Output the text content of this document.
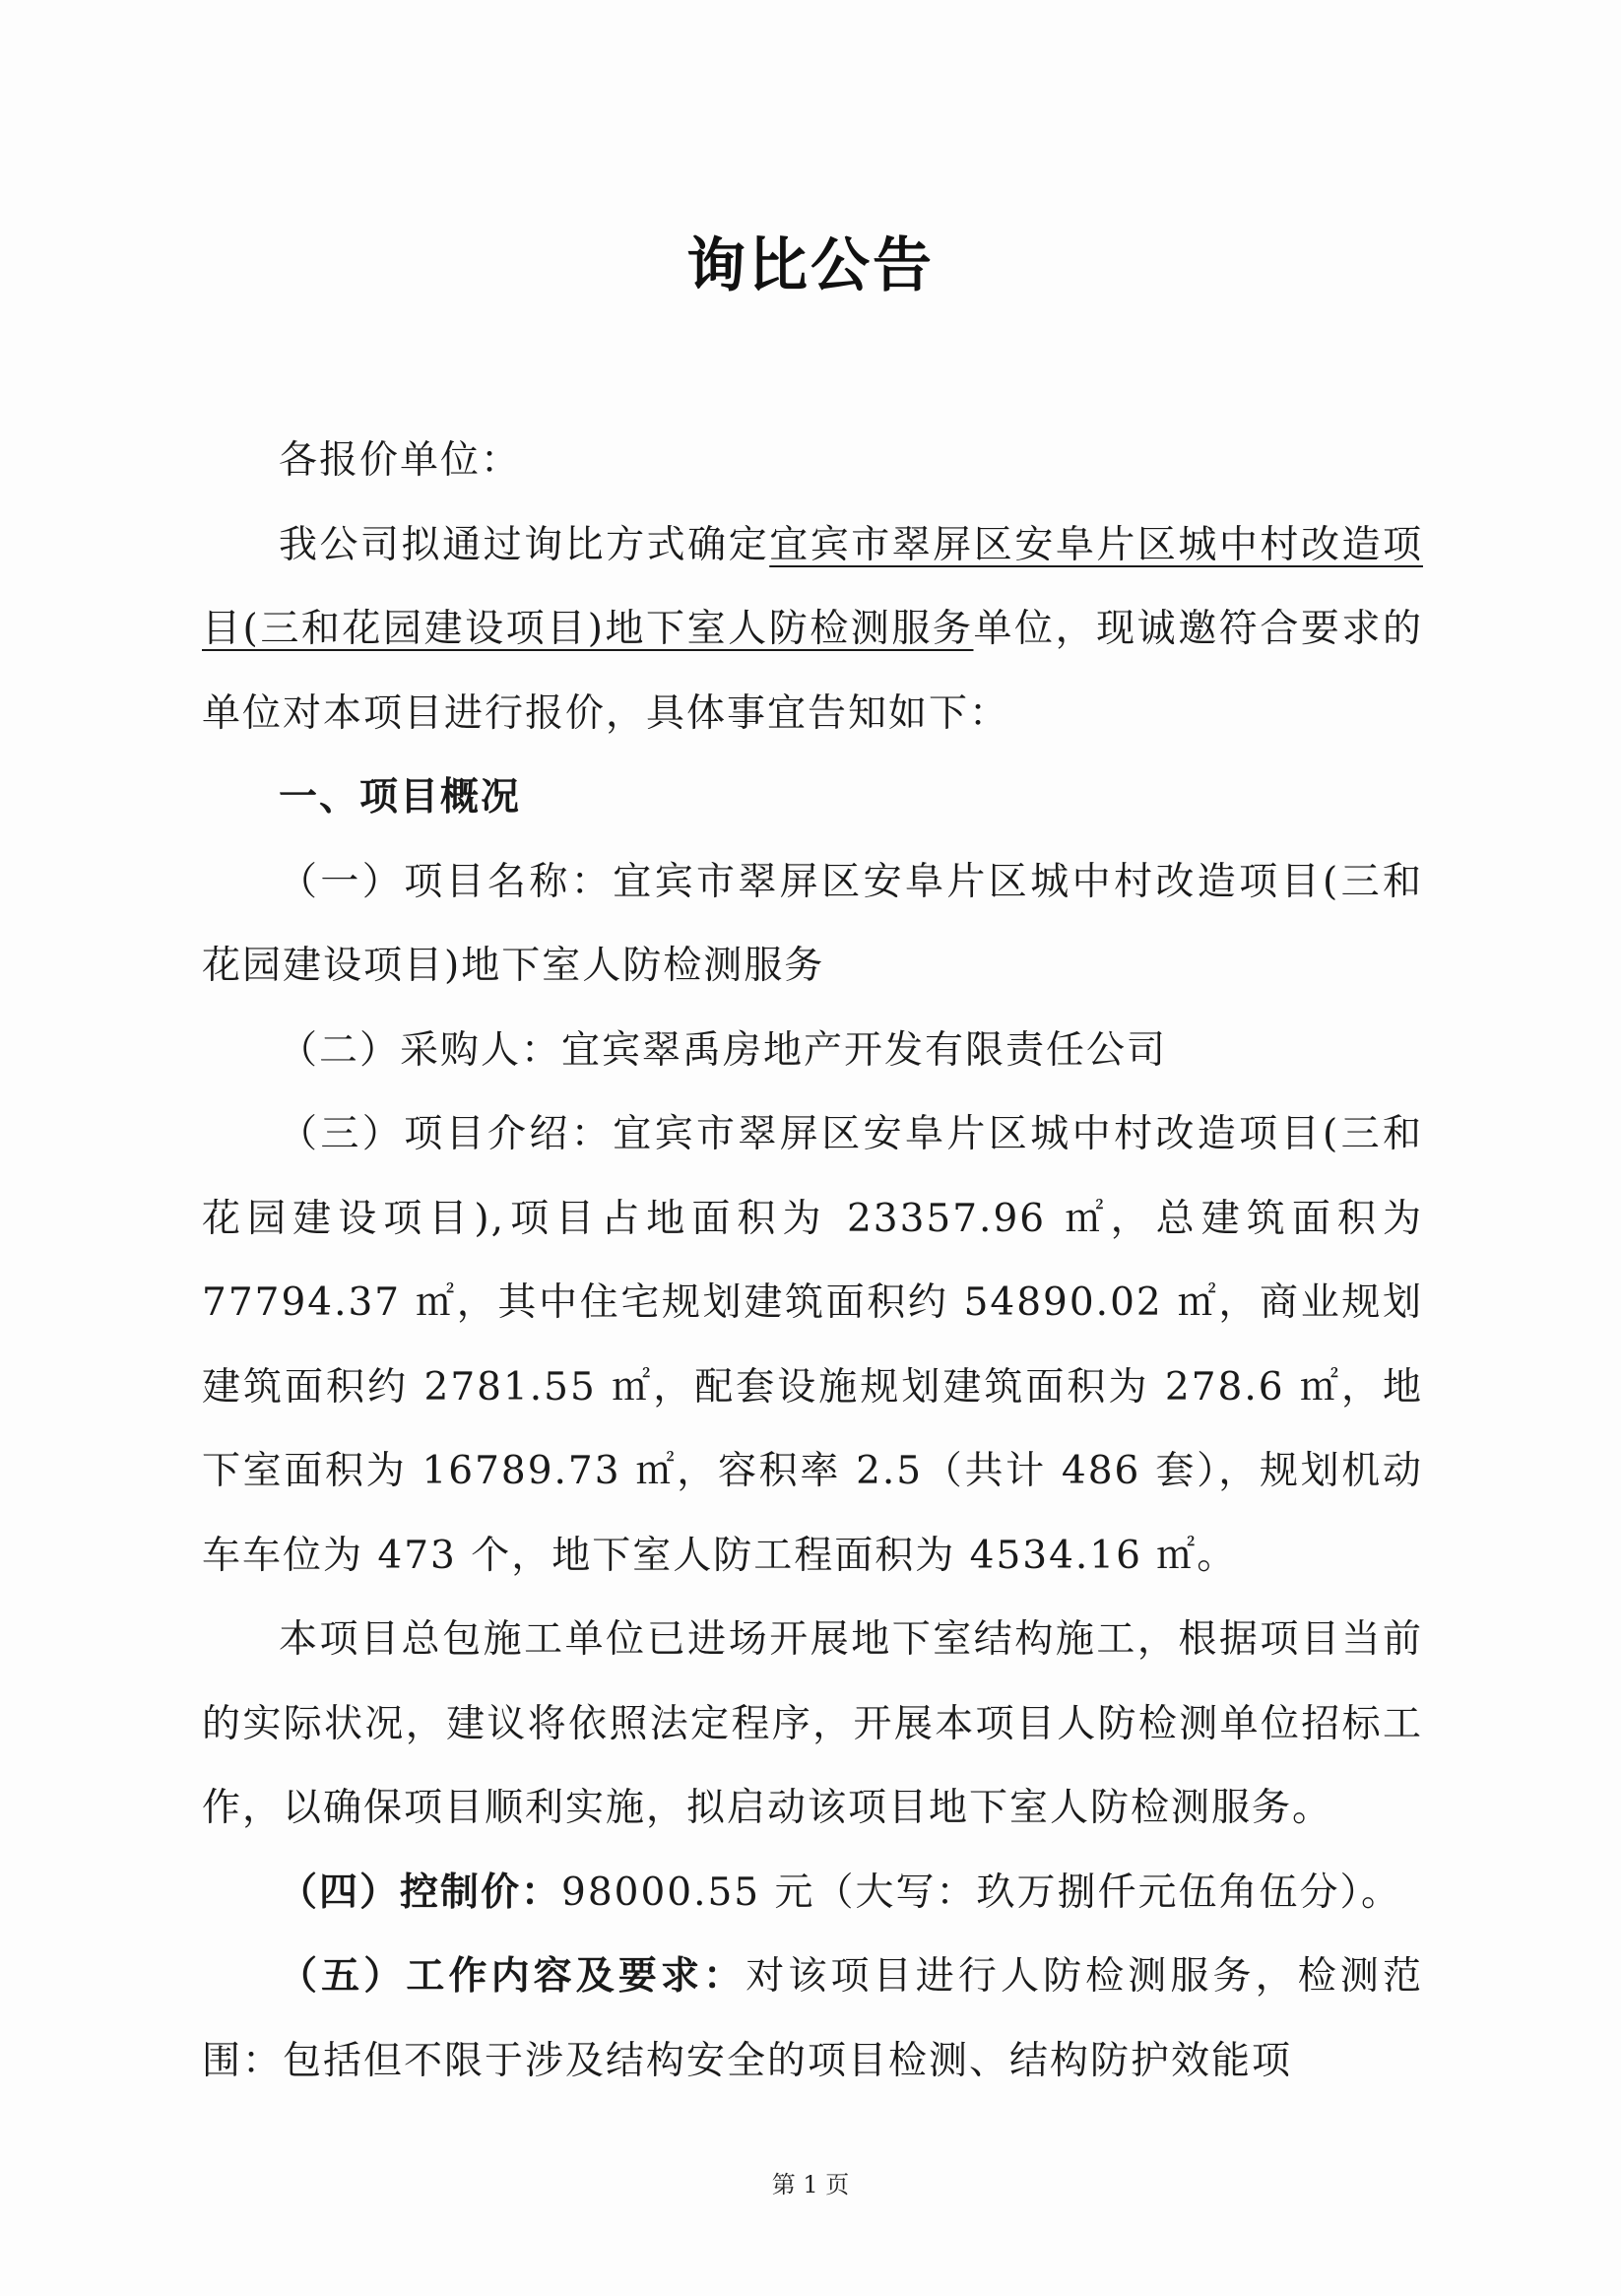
询比公告

各报价单位：

我公司拟通过询比方式确定宜宾市翠屏区安阜片区城中村改造项目(三和花园建设项目)地下室人防检测服务单位，现诚邀符合要求的单位对本项目进行报价，具体事宜告知如下：

一、项目概况

（一）项目名称：宜宾市翠屏区安阜片区城中村改造项目(三和花园建设项目)地下室人防检测服务

（二）采购人：宜宾翠禹房地产开发有限责任公司

（三）项目介绍：宜宾市翠屏区安阜片区城中村改造项目(三和花园建设项目),项目占地面积为 23357.96 ㎡，总建筑面积为 77794.37 ㎡，其中住宅规划建筑面积约 54890.02 ㎡，商业规划建筑面积约 2781.55 ㎡，配套设施规划建筑面积为 278.6 ㎡，地下室面积为 16789.73 ㎡，容积率 2.5（共计 486 套），规划机动车车位为 473 个，地下室人防工程面积为 4534.16 ㎡。

本项目总包施工单位已进场开展地下室结构施工，根据项目当前的实际状况，建议将依照法定程序，开展本项目人防检测单位招标工作，以确保项目顺利实施，拟启动该项目地下室人防检测服务。

（四）控制价：98000.55 元（大写：玖万捌仟元伍角伍分）。

（五）工作内容及要求：对该项目进行人防检测服务，检测范围：包括但不限于涉及结构安全的项目检测、结构防护效能项

第 1 页
